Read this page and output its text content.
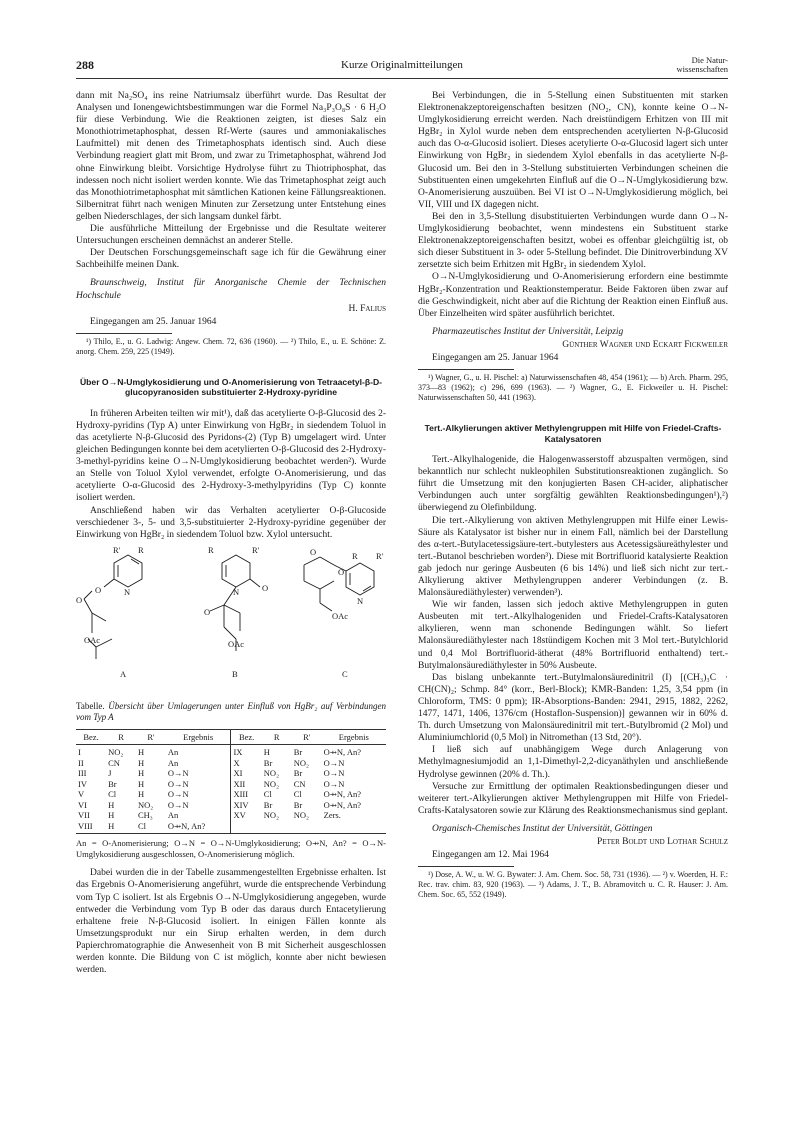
288	Kurze Originalmitteilungen	Die Natur-
wissenschaften

dann mit Na₂SO₄ ins reine Natriumsalz überführt wurde. Das Resultat der Analysen und Ionengewichtsbestimmungen war die Formel Na₃P₃O₈S · 6 H₂O für diese Verbindung. Wie die Reaktionen zeigten, ist dieses Salz ein Monothiotrimetaphosphat, dessen Rf-Werte (saures und ammoniakalisches Laufmittel) mit denen des Trimetaphosphats identisch sind. Auch diese Verbindung reagiert glatt mit Brom, und zwar zu Trimetaphosphat, während Jod ohne Einwirkung bleibt. Vorsichtige Hydrolyse führt zu Thiotriphosphat, das indessen noch nicht isoliert werden konnte. Wie das Trimetaphosphat zeigt auch das Monothiotrimetaphosphat mit sämtlichen Kationen keine Fällungsreaktionen. Silbernitrat führt nach wenigen Minuten zur Zersetzung unter Entstehung eines gelben Niederschlages, der sich langsam dunkel färbt.

Die ausführliche Mitteilung der Ergebnisse und die Resultate weiterer Untersuchungen erscheinen demnächst an anderer Stelle.

Der Deutschen Forschungsgemeinschaft sage ich für die Gewährung einer Sachbeihilfe meinen Dank.

Braunschweig, Institut für Anorganische Chemie der Technischen Hochschule

H. Falius

Eingegangen am 25. Januar 1964

¹) Thilo, E., u. G. Ladwig: Angew. Chem. 72, 636 (1960). — ²) Thilo, E., u. E. Schöne: Z. anorg. Chem. 259, 225 (1949).

Über O→N-Umglykosidierung und O-Anomerisierung von Tetraacetyl-β-D-glucopyranosiden substituierter 2-Hydroxy-pyridine

In früheren Arbeiten teilten wir mit¹), daß das acetylierte O-β-Glucosid des 2-Hydroxy-pyridins (Typ A) unter Einwirkung von HgBr₂ in siedendem Toluol in das acetylierte N-β-Glucosid des Pyridons-(2) (Typ B) umgelagert wird. Unter gleichen Bedingungen konnte bei dem acetylierten O-β-Glucosid des 2-Hydroxy-3-methyl-pyridins keine O→N-Umglykosidierung beobachtet werden²). Wurde an Stelle von Toluol Xylol verwendet, erfolgte O-Anomerisierung, und das acetylierte O-α-Glucosid des 2-Hydroxy-3-methylpyridins (Typ C) konnte isoliert werden.

Anschließend haben wir das Verhalten acetylierter O-β-Glucoside verschiedener 3-, 5- und 3,5-substituierter 2-Hydroxy-pyridine gegenüber der Einwirkung von HgBr₂ in siedendem Toluol bzw. Xylol untersucht.

R' R
N
O
O
OAc
A
R	R'
N	O
O
OAc
B
O	R R'
N
O
OAc
C

Tabelle. Übersicht über Umlagerungen unter Einfluß von HgBr₂ auf Verbindungen vom Typ A

Bez.	R	R'	Ergebnis	Bez.	R	R'	Ergebnis
I	NO₂	H	An	IX	H	Br	O⇸N, An?
II	CN	H	An	X	Br	NO₂	O→N
III	J	H	O→N	XI	NO₂	Br	O→N
IV	Br	H	O→N	XII	NO₂	CN	O→N
V	Cl	H	O→N	XIII	Cl	Cl	O⇸N, An?
VI	H	NO₂	O→N	XIV	Br	Br	O⇸N, An?
VII	H	CH₃	An	XV	NO₂	NO₂	Zers.
VIII	H	Cl	O⇸N, An?				

An = O-Anomerisierung; O→N = O→N-Umglykosidierung; O⇸N, An? = O→N-Umglykosidierung ausgeschlossen, O-Anomerisierung möglich.

Dabei wurden die in der Tabelle zusammengestellten Ergebnisse erhalten. Ist das Ergebnis O-Anomerisierung angeführt, wurde die entsprechende Verbindung vom Typ C isoliert. Ist als Ergebnis O→N-Umglykosidierung angegeben, wurde entweder die Verbindung vom Typ B oder das daraus durch Entacetylierung erhaltene freie N-β-Glucosid isoliert. In einigen Fällen konnte als Umsetzungsprodukt nur ein Sirup erhalten werden, in dem durch Papierchromatographie die Anwesenheit von B mit Sicherheit ausgeschlossen werden konnte. Die Bildung von C ist möglich, konnte aber nicht bewiesen werden.

Bei Verbindungen, die in 5-Stellung einen Substituenten mit starken Elektronenakzeptoreigenschaften besitzen (NO₂, CN), konnte keine O→N-Umglykosidierung erreicht werden. Nach dreistündigem Erhitzen von III mit HgBr₂ in Xylol wurde neben dem entsprechenden acetylierten N-β-Glucosid auch das O-α-Glucosid isoliert. Dieses acetylierte O-α-Glucosid lagert sich unter Einwirkung von HgBr₂ in siedendem Xylol ebenfalls in das acetylierte N-β-Glucosid um. Bei den in 3-Stellung substituierten Verbindungen scheinen die Substituenten einen umgekehrten Einfluß auf die O→N-Umglykosidierung bzw. O-Anomerisierung auszuüben. Bei VI ist O→N-Umglykosidierung möglich, bei VII, VIII und IX dagegen nicht.

Bei den in 3,5-Stellung disubstituierten Verbindungen wurde dann O→N-Umglykosidierung beobachtet, wenn mindestens ein Substituent starke Elektronenakzeptoreigenschaften besitzt, wobei es offenbar gleichgültig ist, ob sich dieser Substituent in 3- oder 5-Stellung befindet. Die Dinitroverbindung XV zersetzte sich beim Erhitzen mit HgBr₂ in siedendem Xylol.

O→N-Umglykosidierung und O-Anomerisierung erfordern eine bestimmte HgBr₂-Konzentration und Reaktionstemperatur. Beide Faktoren üben zwar auf die Geschwindigkeit, nicht aber auf die Richtung der Reaktion einen Einfluß aus. Über Einzelheiten wird später ausführlich berichtet.

Pharmazeutisches Institut der Universität, Leipzig

Günther Wagner und Eckart Fickweiler

Eingegangen am 25. Januar 1964

¹) Wagner, G., u. H. Pischel: a) Naturwissenschaften 48, 454 (1961); — b) Arch. Pharm. 295, 373—83 (1962); c) 296, 699 (1963). — ²) Wagner, G., E. Fickweiler u. H. Pischel: Naturwissenschaften 50, 441 (1963).

Tert.-Alkylierungen aktiver Methylengruppen mit Hilfe von Friedel-Crafts-Katalysatoren

Tert.-Alkylhalogenide, die Halogenwasserstoff abzuspalten vermögen, sind bekanntlich nur schlecht nukleophilen Substitutionsreaktionen zugänglich. So führt die Umsetzung mit den konjugierten Basen CH-acider, aliphatischer Verbindungen auch unter sorgfältig gewählten Reaktionsbedingungen¹),²) überwiegend zu Olefinbildung.

Die tert.-Alkylierung von aktiven Methylengruppen mit Hilfe einer Lewis-Säure als Katalysator ist bisher nur in einem Fall, nämlich bei der Darstellung des α-tert.-Butylacetessigsäure-tert.-butylesters aus Acetessigsäureäthylester und tert.-Butanol beschrieben worden³). Diese mit Bortrifluorid katalysierte Reaktion gab jedoch nur geringe Ausbeuten (6 bis 14%) und ließ sich nicht zur tert.-Alkylierung aktiver Methylengruppen anderer Verbindungen (z. B. Malonsäurediäthylester) verwenden³).

Wie wir fanden, lassen sich jedoch aktive Methylengruppen in guten Ausbeuten mit tert.-Alkylhalogeniden und Friedel-Crafts-Katalysatoren alkylieren, wenn man schonende Bedingungen wählt. So liefert Malonsäurediäthylester nach 18stündigem Kochen mit 3 Mol tert.-Butylchlorid und 0,4 Mol Bortrifluorid-ätherat (48% Bortrifluorid enthaltend) tert.-Butylmalonsäurediäthylester in 50% Ausbeute.

Das bislang unbekannte tert.-Butylmalonsäuredinitril (I) [(CH₃)₃C · CH(CN)₂; Schmp. 84° (korr., Berl-Block); KMR-Banden: 1,25, 3,54 ppm (in Chloroform, TMS: 0 ppm); IR-Absorptions-Banden: 2941, 2915, 1882, 2262, 1477, 1471, 1406, 1376/cm (Hostaflon-Suspension)] gewannen wir in 60% d. Th. durch Umsetzung von Malonsäuredinitril mit tert.-Butylbromid (2 Mol) und Aluminiumchlorid (0,5 Mol) in Nitromethan (13 Std, 20°).

I ließ sich auf unabhängigem Wege durch Anlagerung von Methylmagnesiumjodid an 1,1-Dimethyl-2,2-dicyanäthylen und anschließende Hydrolyse gewinnen (20% d. Th.).

Versuche zur Ermittlung der optimalen Reaktionsbedingungen dieser und weiterer tert.-Alkylierungen aktiver Methylengruppen mit Hilfe von Friedel-Crafts-Katalysatoren sowie zur Klärung des Reaktionsmechanismus sind geplant.

Organisch-Chemisches Institut der Universität, Göttingen

Peter Boldt und Lothar Schulz

Eingegangen am 12. Mai 1964

¹) Dose, A. W., u. W. G. Bywater: J. Am. Chem. Soc. 58, 731 (1936). — ²) v. Woerden, H. F.: Rec. trav. chim. 83, 920 (1963). — ³) Adams, J. T., B. Abramovitch u. C. R. Hauser: J. Am. Chem. Soc. 65, 552 (1949).
